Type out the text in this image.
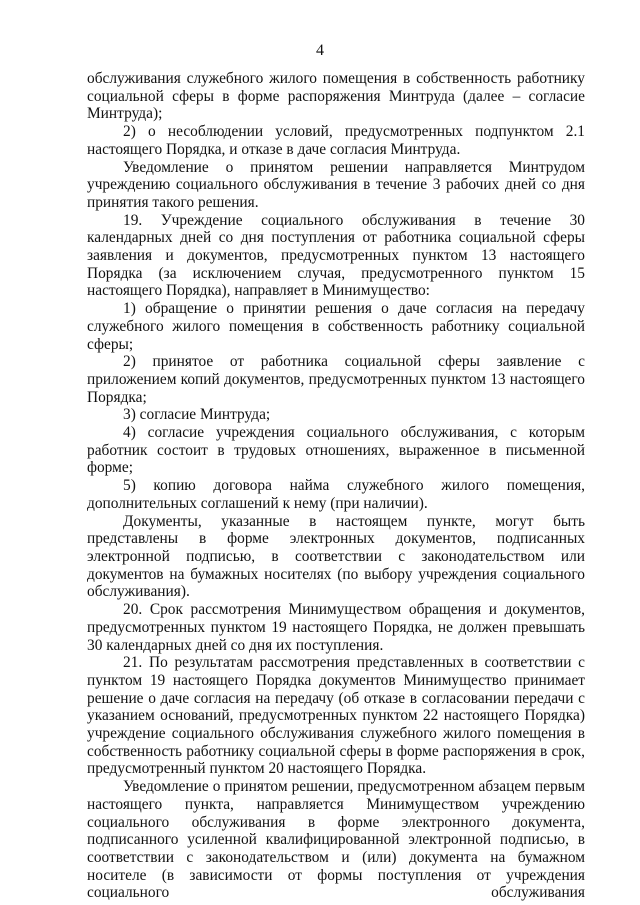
4

обслуживания служебного жилого помещения в собственность работнику социальной сферы в форме распоряжения Минтруда (далее – согласие Минтруда);

2) о несоблюдении условий, предусмотренных подпунктом 2.1 настоящего Порядка, и отказе в даче согласия Минтруда.

Уведомление о принятом решении направляется Минтрудом учреждению социального обслуживания в течение 3 рабочих дней со дня принятия такого решения.

19. Учреждение социального обслуживания в течение 30 календарных дней со дня поступления от работника социальной сферы заявления и документов, предусмотренных пунктом 13 настоящего Порядка (за исключением случая, предусмотренного пунктом 15 настоящего Порядка), направляет в Минимущество:

1) обращение о принятии решения о даче согласия на передачу служебного жилого помещения в собственность работнику социальной сферы;

2) принятое от работника социальной сферы заявление с приложением копий документов, предусмотренных пунктом 13 настоящего Порядка;

3) согласие Минтруда;

4) согласие учреждения социального обслуживания, с которым работник состоит в трудовых отношениях, выраженное в письменной форме;

5) копию договора найма служебного жилого помещения, дополнительных соглашений к нему (при наличии).

Документы, указанные в настоящем пункте, могут быть представлены в форме электронных документов, подписанных электронной подписью, в соответствии с законодательством или документов на бумажных носителях (по выбору учреждения социального обслуживания).

20. Срок рассмотрения Минимуществом обращения и документов, предусмотренных пунктом 19 настоящего Порядка, не должен превышать 30 календарных дней со дня их поступления.

21. По результатам рассмотрения представленных в соответствии с пунктом 19 настоящего Порядка документов Минимущество принимает решение о даче согласия на передачу (об отказе в согласовании передачи с указанием оснований, предусмотренных пунктом 22 настоящего Порядка) учреждение социального обслуживания служебного жилого помещения в собственность работнику социальной сферы в форме распоряжения в срок, предусмотренный пунктом 20 настоящего Порядка.

Уведомление о принятом решении, предусмотренном абзацем первым настоящего пункта, направляется Минимуществом учреждению социального обслуживания в форме электронного документа, подписанного усиленной квалифицированной электронной подписью, в соответствии с законодательством и (или) документа на бумажном носителе (в зависимости от формы поступления от учреждения социального обслуживания
